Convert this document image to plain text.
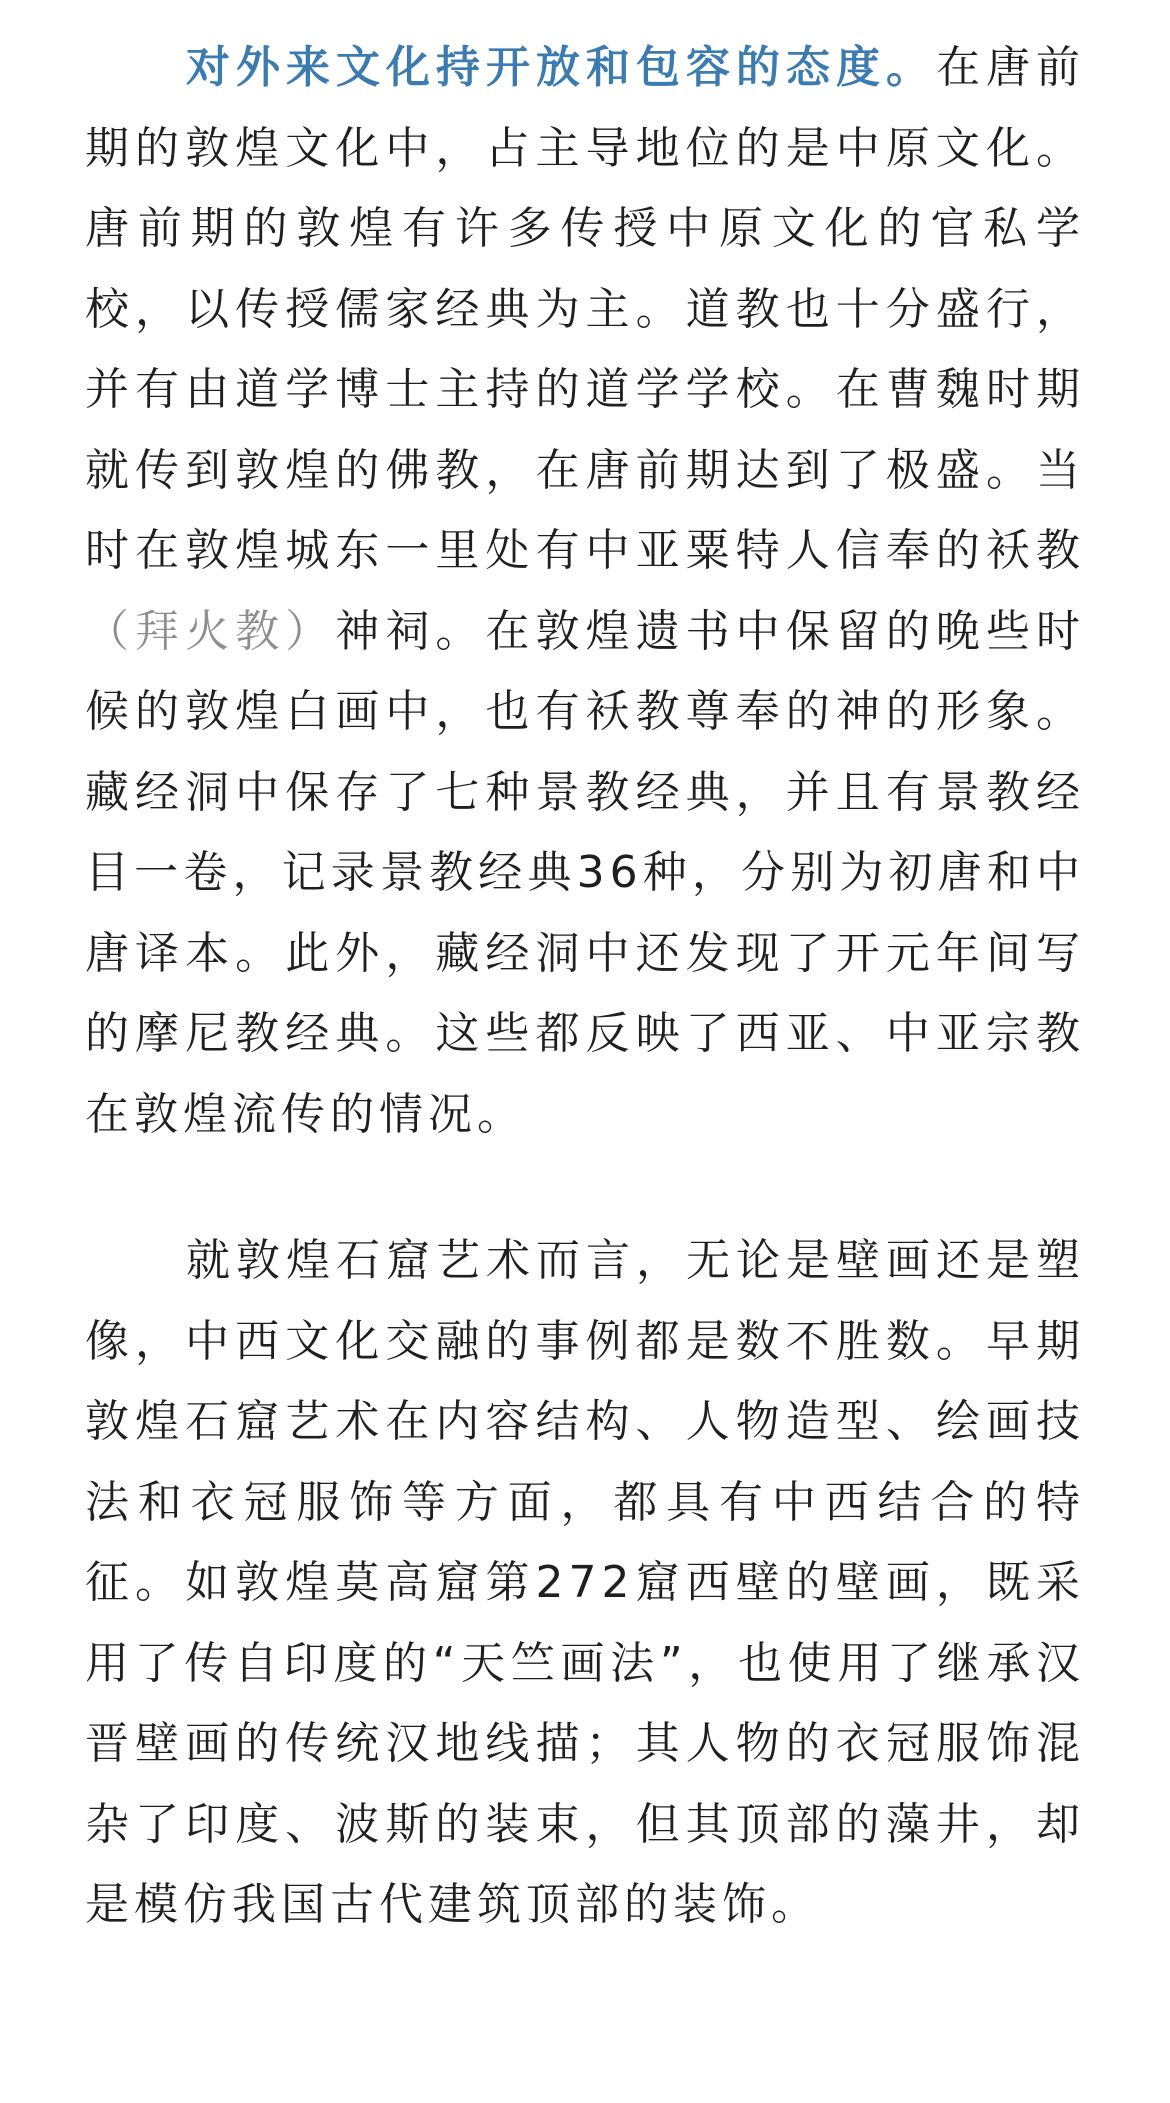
对外来文化持开放和包容的态度。在唐前期的敦煌文化中，占主导地位的是中原文化。唐前期的敦煌有许多传授中原文化的官私学校，以传授儒家经典为主。道教也十分盛行，并有由道学博士主持的道学学校。在曹魏时期就传到敦煌的佛教，在唐前期达到了极盛。当时在敦煌城东一里处有中亚粟特人信奉的袄教（拜火教）神祠。在敦煌遗书中保留的晚些时候的敦煌白画中，也有袄教尊奉的神的形象。藏经洞中保存了七种景教经典，并且有景教经目一卷，记录景教经典36种，分别为初唐和中唐译本。此外，藏经洞中还发现了开元年间写的摩尼教经典。这些都反映了西亚、中亚宗教在敦煌流传的情况。

就敦煌石窟艺术而言，无论是壁画还是塑像，中西文化交融的事例都是数不胜数。早期敦煌石窟艺术在内容结构、人物造型、绘画技法和衣冠服饰等方面，都具有中西结合的特征。如敦煌莫高窟第272窟西壁的壁画，既采用了传自印度的“天竺画法”，也使用了继承汉晋壁画的传统汉地线描；其人物的衣冠服饰混杂了印度、波斯的装束，但其顶部的藻井，却是模仿我国古代建筑顶部的装饰。
